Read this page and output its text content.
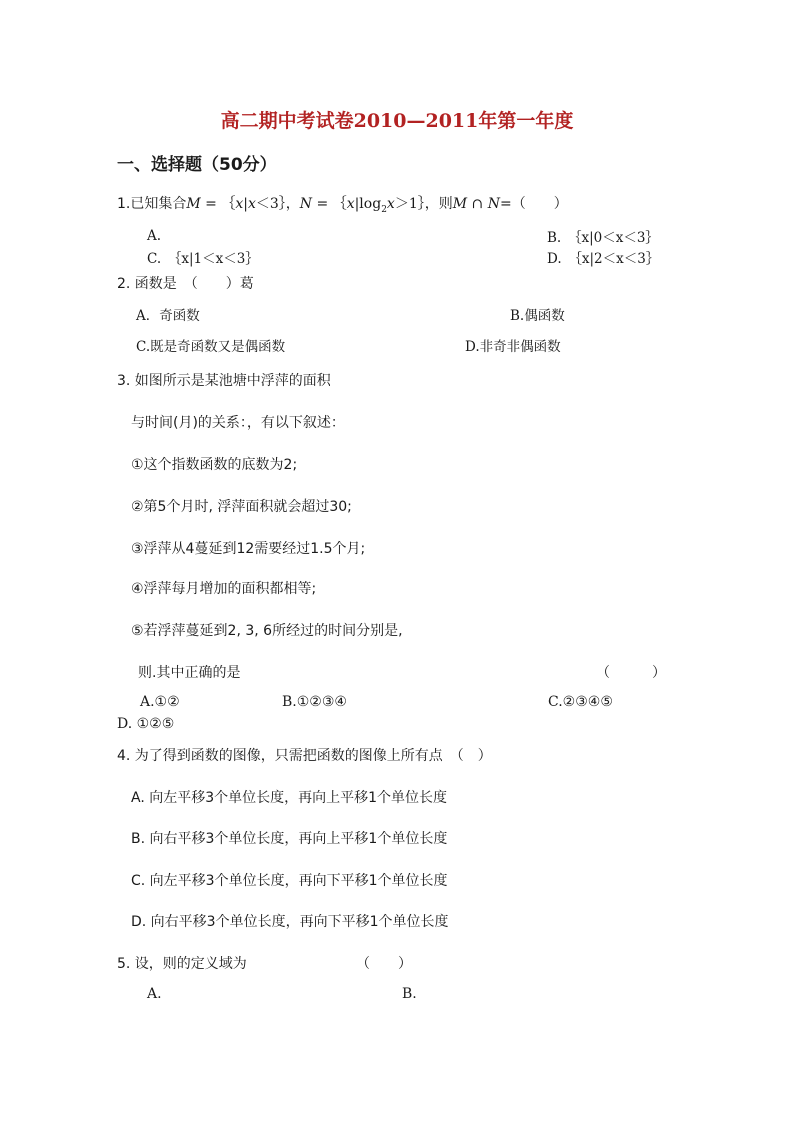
高二期中考试卷2010—2011年第一年度
一、选择题（50分）
1.已知集合M = ｛x|x＜3｝，$N = \{x|\log_2x>1\}$，则M ∩ N=（　　）
A.	B.　｛x|0＜x＜3｝
C.　｛x|1＜x＜3｝	D.　｛x|2＜x＜3｝
2. 函数是　（　　）葛
A．奇函数	B.偶函数
C.既是奇函数又是偶函数	D.非奇非偶函数
3. 如图所示是某池塘中浮萍的面积
与时间(月)的关系：，有以下叙述：
①这个指数函数的底数为2;
②第5个月时, 浮萍面积就会超过30;
③浮萍从4蔓延到12需要经过1.5个月;
④浮萍每月增加的面积都相等;
⑤若浮萍蔓延到2, 3, 6所经过的时间分别是,
则.其中正确的是	（　　　）
A.①②	B.①②③④	C.②③④⑤
D. ①②⑤
4. 为了得到函数的图像，只需把函数的图像上所有点　（　）
A. 向左平移3个单位长度，再向上平移1个单位长度
B. 向右平移3个单位长度，再向上平移1个单位长度
C. 向左平移3个单位长度，再向下平移1个单位长度
D. 向右平移3个单位长度，再向下平移1个单位长度
5. 设，则的定义域为	（　　）
A.	B.
